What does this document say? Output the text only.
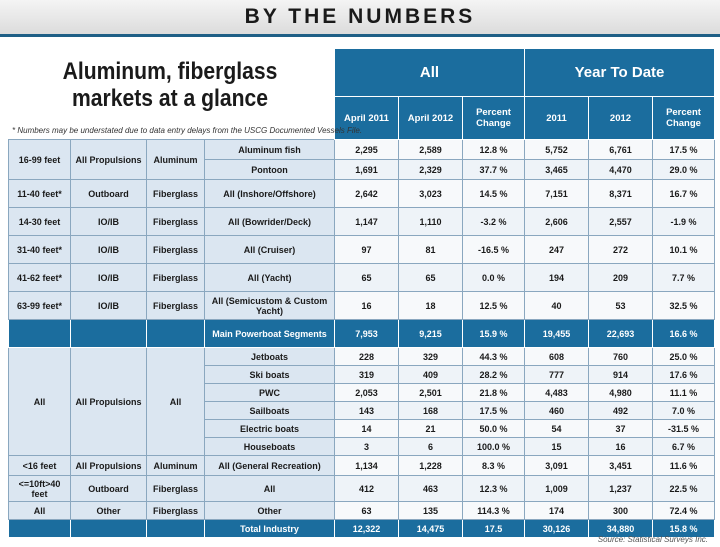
BY THE NUMBERS
Aluminum, fiberglass
markets at a glance
				All			Year To Date		
				April 2011	April 2012	Percent Change	2011	2012	Percent Change
16-99 feet	All Propulsions	Aluminum	Aluminum fish	2,295	2,589	12.8 %	5,752	6,761	17.5 %
			Pontoon	1,691	2,329	37.7 %	3,465	4,470	29.0 %
11-40 feet*	Outboard	Fiberglass	All (Inshore/Offshore)	2,642	3,023	14.5 %	7,151	8,371	16.7 %
14-30 feet	IO/IB	Fiberglass	All (Bowrider/Deck)	1,147	1,110	-3.2 %	2,606	2,557	-1.9 %
31-40 feet*	IO/IB	Fiberglass	All (Cruiser)	97	81	-16.5 %	247	272	10.1 %
41-62 feet*	IO/IB	Fiberglass	All (Yacht)	65	65	0.0 %	194	209	7.7 %
63-99 feet*	IO/IB	Fiberglass	All (Semicustom & Custom Yacht)	16	18	12.5 %	40	53	32.5 %
			Main Powerboat Segments	7,953	9,215	15.9 %	19,455	22,693	16.6 %
All	All Propulsions	All	Jetboats	228	329	44.3 %	608	760	25.0 %
			Ski boats	319	409	28.2 %	777	914	17.6 %
			PWC	2,053	2,501	21.8 %	4,483	4,980	11.1 %
			Sailboats	143	168	17.5 %	460	492	7.0 %
			Electric boats	14	21	50.0 %	54	37	-31.5 %
			Houseboats	3	6	100.0 %	15	16	6.7 %
<16 feet	All Propulsions	Aluminum	All (General Recreation)	1,134	1,228	8.3 %	3,091	3,451	11.6 %
<=10ft>40 feet	Outboard	Fiberglass	All	412	463	12.3 %	1,009	1,237	22.5 %
All	Other	Fiberglass	Other	63	135	114.3 %	174	300	72.4 %
			Total Industry	12,322	14,475	17.5	30,126	34,880	15.8 %
* Numbers may be understated due to data entry delays from the USCG Documented Vessels File.
Source: Statistical Surveys Inc.
